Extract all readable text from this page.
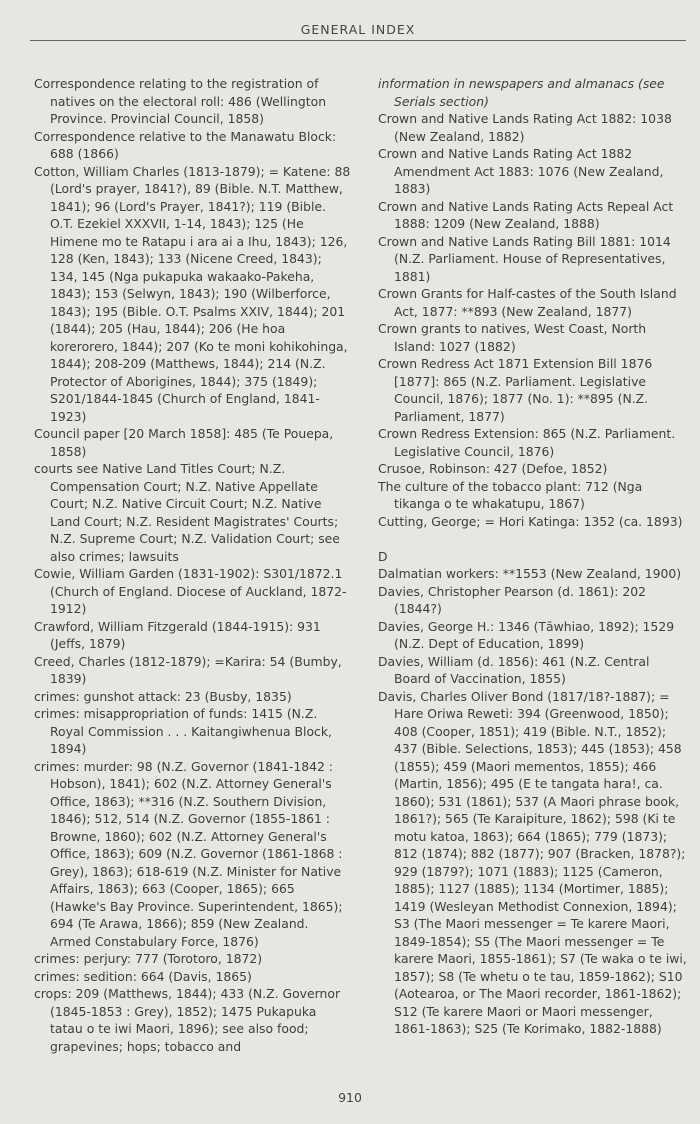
GENERAL INDEX

Correspondence relating to the registration of natives on the electoral roll: 486 (Wellington Province. Provincial Council, 1858)

Correspondence relative to the Manawatu Block: 688 (1866)

Cotton, William Charles (1813-1879); = Katene: 88 (Lord's prayer, 1841?), 89 (Bible. N.T. Matthew, 1841); 96 (Lord's Prayer, 1841?); 119 (Bible. O.T. Ezekiel XXXVII, 1-14, 1843); 125 (He Himene mo te Ratapu i ara ai a Ihu, 1843); 126, 128 (Ken, 1843); 133 (Nicene Creed, 1843); 134, 145 (Nga pukapuka wakaako-Pakeha, 1843); 153 (Selwyn, 1843); 190 (Wilberforce, 1843); 195 (Bible. O.T. Psalms XXIV, 1844); 201 (1844); 205 (Hau, 1844); 206 (He hoa korerorero, 1844); 207 (Ko te moni kohikohinga, 1844); 208-209 (Matthews, 1844); 214 (N.Z. Protector of Aborigines, 1844); 375 (1849); S201/1844-1845 (Church of England, 1841-1923)

Council paper [20 March 1858]: 485 (Te Pouepa, 1858)

courts see Native Land Titles Court; N.Z. Compensation Court; N.Z. Native Appellate Court; N.Z. Native Circuit Court; N.Z. Native Land Court; N.Z. Resident Magistrates' Courts; N.Z. Supreme Court; N.Z. Validation Court; see also crimes; lawsuits

Cowie, William Garden (1831-1902): S301/1872.1 (Church of England. Diocese of Auckland, 1872-1912)

Crawford, William Fitzgerald (1844-1915): 931 (Jeffs, 1879)

Creed, Charles (1812-1879); =Karira: 54 (Bumby, 1839)

crimes: gunshot attack: 23 (Busby, 1835)

crimes: misappropriation of funds: 1415 (N.Z. Royal Commission . . . Kaitangiwhenua Block, 1894)

crimes: murder: 98 (N.Z. Governor (1841-1842 : Hobson), 1841); 602 (N.Z. Attorney General's Office, 1863); **316 (N.Z. Southern Division, 1846); 512, 514 (N.Z. Governor (1855-1861 : Browne, 1860); 602 (N.Z. Attorney General's Office, 1863); 609 (N.Z. Governor (1861-1868 : Grey), 1863); 618-619 (N.Z. Minister for Native Affairs, 1863); 663 (Cooper, 1865); 665 (Hawke's Bay Province. Superintendent, 1865); 694 (Te Arawa, 1866); 859 (New Zealand. Armed Constabulary Force, 1876)

crimes: perjury: 777 (Torotoro, 1872)

crimes: sedition: 664 (Davis, 1865)

crops: 209 (Matthews, 1844); 433 (N.Z. Governor (1845-1853 : Grey), 1852); 1475 Pukapuka tatau o te iwi Maori, 1896); see also food; grapevines; hops; tobacco and

information in newspapers and almanacs (see Serials section)

Crown and Native Lands Rating Act 1882: 1038 (New Zealand, 1882)

Crown and Native Lands Rating Act 1882 Amendment Act 1883: 1076 (New Zealand, 1883)

Crown and Native Lands Rating Acts Repeal Act 1888: 1209 (New Zealand, 1888)

Crown and Native Lands Rating Bill 1881: 1014 (N.Z. Parliament. House of Representatives, 1881)

Crown Grants for Half-castes of the South Island Act, 1877: **893 (New Zealand, 1877)

Crown grants to natives, West Coast, North Island: 1027 (1882)

Crown Redress Act 1871 Extension Bill 1876 [1877]: 865 (N.Z. Parliament. Legislative Council, 1876); 1877 (No. 1): **895 (N.Z. Parliament, 1877)

Crown Redress Extension: 865 (N.Z. Parliament. Legislative Council, 1876)

Crusoe, Robinson: 427 (Defoe, 1852)

The culture of the tobacco plant: 712 (Nga tikanga o te whakatupu, 1867)

Cutting, George; = Hori Katinga: 1352 (ca. 1893)

D

Dalmatian workers: **1553 (New Zealand, 1900)

Davies, Christopher Pearson (d. 1861): 202 (1844?)

Davies, George H.: 1346 (Tāwhiao, 1892); 1529 (N.Z. Dept of Education, 1899)

Davies, William (d. 1856): 461 (N.Z. Central Board of Vaccination, 1855)

Davis, Charles Oliver Bond (1817/18?-1887); = Hare Oriwa Reweti: 394 (Greenwood, 1850); 408 (Cooper, 1851); 419 (Bible. N.T., 1852); 437 (Bible. Selections, 1853); 445 (1853); 458 (1855); 459 (Maori mementos, 1855); 466 (Martin, 1856); 495 (E te tangata hara!, ca. 1860); 531 (1861); 537 (A Maori phrase book, 1861?); 565 (Te Karaipiture, 1862); 598 (Ki te motu katoa, 1863); 664 (1865); 779 (1873); 812 (1874); 882 (1877); 907 (Bracken, 1878?); 929 (1879?); 1071 (1883); 1125 (Cameron, 1885); 1127 (1885); 1134 (Mortimer, 1885); 1419 (Wesleyan Methodist Connexion, 1894); S3 (The Maori messenger = Te karere Maori, 1849-1854); S5 (The Maori messenger = Te karere Maori, 1855-1861); S7 (Te waka o te iwi, 1857); S8 (Te whetu o te tau, 1859-1862); S10 (Aotearoa, or The Maori recorder, 1861-1862); S12 (Te karere Maori or Maori messenger, 1861-1863); S25 (Te Korimako, 1882-1888)

910
